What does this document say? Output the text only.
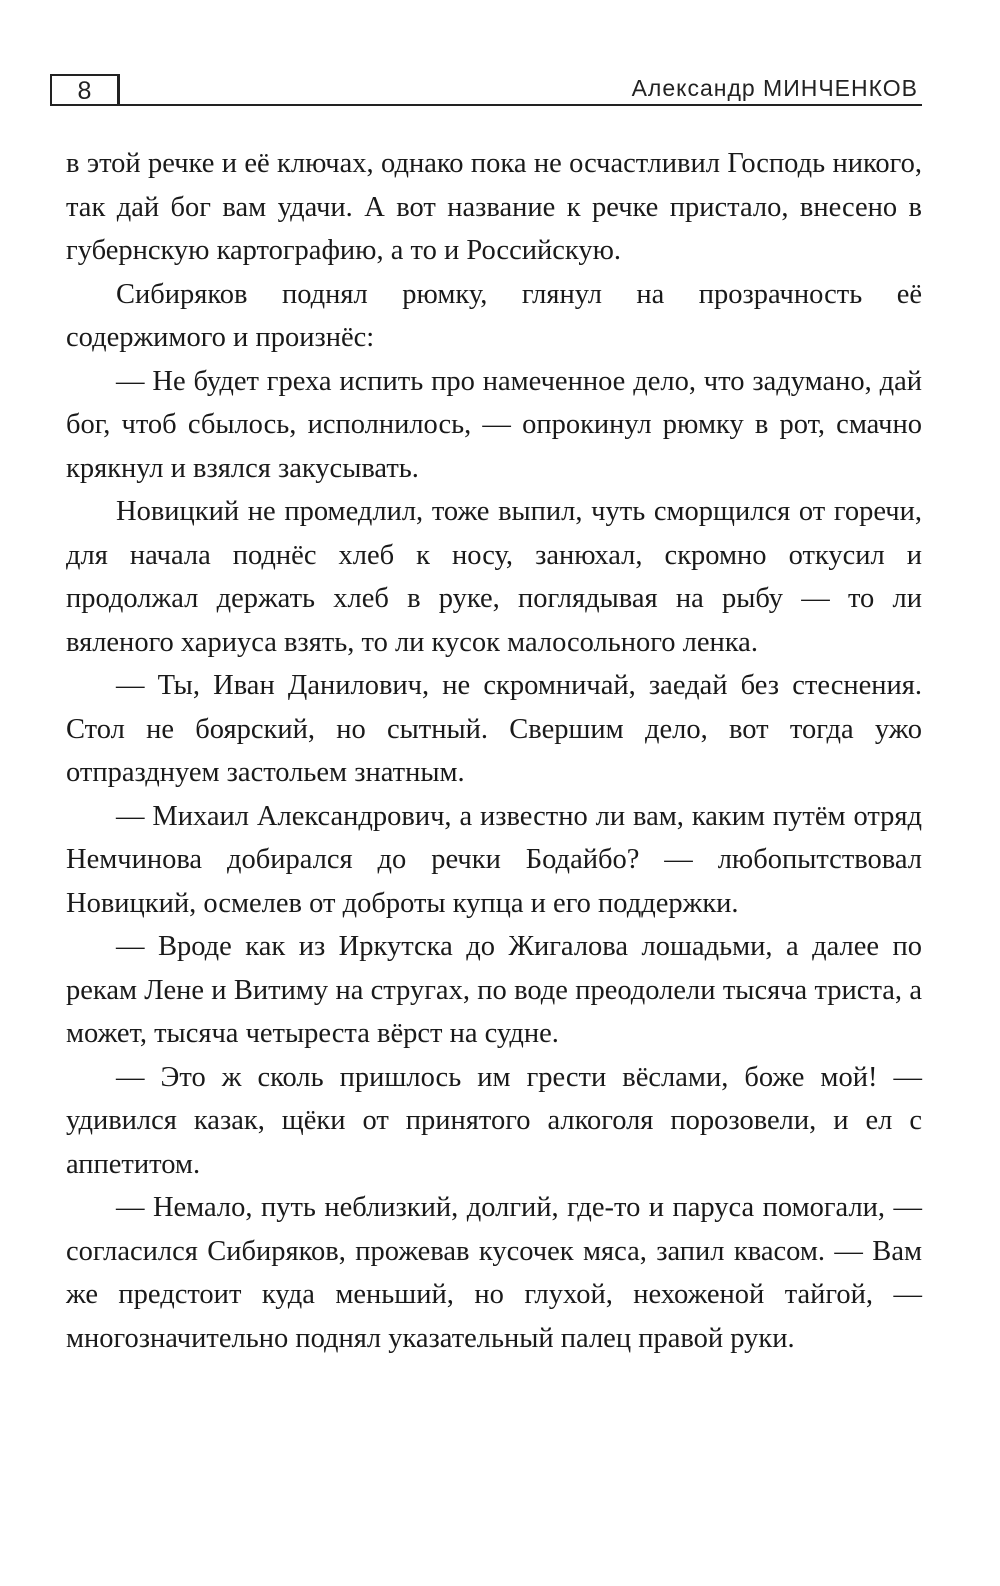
8	Александр МИНЧЕНКОВ

в этой речке и её ключах, однако пока не осчастливил Господь никого, так дай бог вам удачи. А вот название к речке пристало, внесено в губернскую картографию, а то и Российскую.

Сибиряков поднял рюмку, глянул на прозрачность её содержимого и произнёс:

— Не будет греха испить про намеченное дело, что задумано, дай бог, чтоб сбылось, исполнилось, — опрокинул рюмку в рот, смачно крякнул и взялся закусывать.

Новицкий не промедлил, тоже выпил, чуть сморщился от горечи, для начала поднёс хлеб к носу, занюхал, скромно откусил и продолжал держать хлеб в руке, поглядывая на рыбу — то ли вяленого хариуса взять, то ли кусок малосольного ленка.

— Ты, Иван Данилович, не скромничай, заедай без стеснения. Стол не боярский, но сытный. Свершим дело, вот тогда ужо отпразднуем застольем знатным.

— Михаил Александрович, а известно ли вам, каким путём отряд Немчинова добирался до речки Бодайбо? — любопытствовал Новицкий, осмелев от доброты купца и его поддержки.

— Вроде как из Иркутска до Жигалова лошадьми, а далее по рекам Лене и Витиму на стругах, по воде преодолели тысяча триста, а может, тысяча четыреста вёрст на судне.

— Это ж сколь пришлось им грести вёслами, боже мой! — удивился казак, щёки от принятого алкоголя порозовели, и ел с аппетитом.

— Немало, путь неблизкий, долгий, где-то и паруса помогали, — согласился Сибиряков, прожевав кусочек мяса, запил квасом. — Вам же предстоит куда меньший, но глухой, нехоженой тайгой, — многозначительно поднял указательный палец правой руки.
